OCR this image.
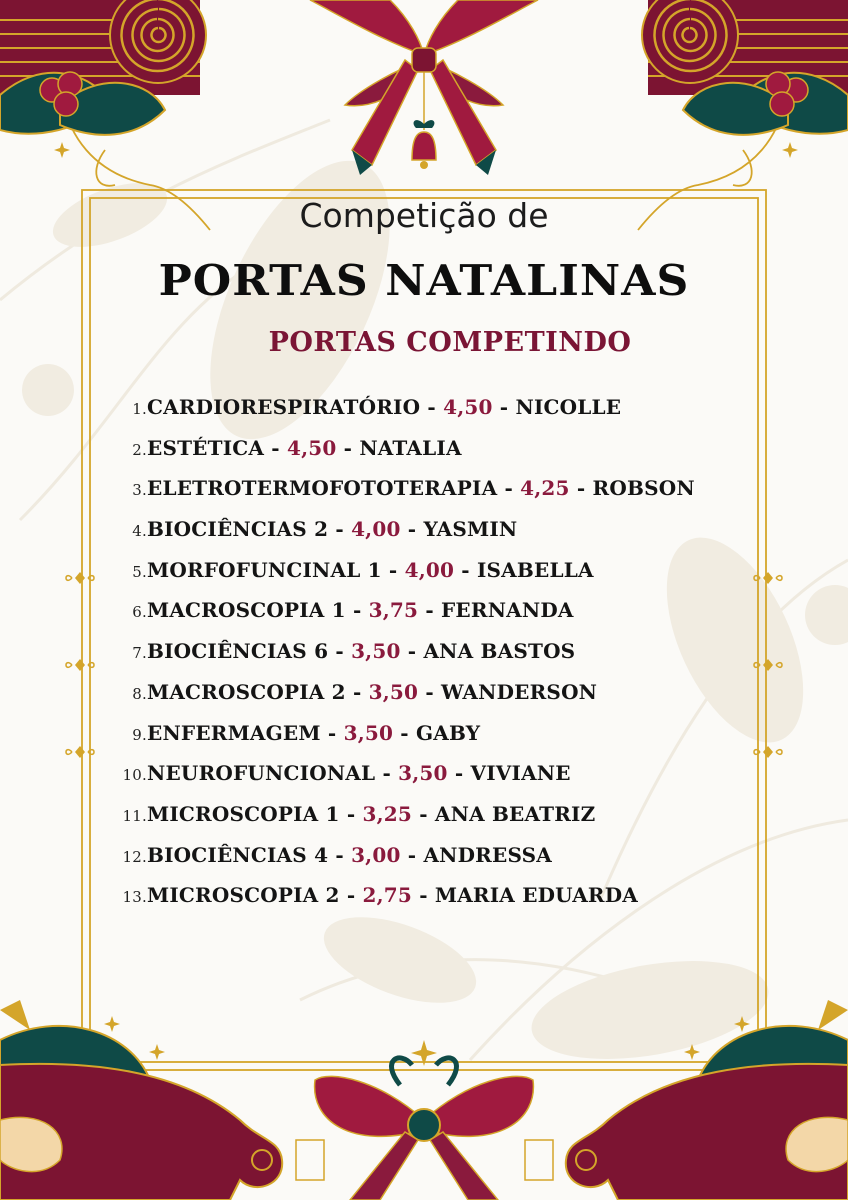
Competição de
PORTAS NATALINAS
PORTAS COMPETINDO
1.CARDIORESPIRATÓRIO - 4,50 - NICOLLE
2.ESTÉTICA - 4,50 - NATALIA
3.ELETROTERMOFOTOTERAPIA - 4,25 - ROBSON
4.BIOCIÊNCIAS 2 - 4,00 - YASMIN
5.MORFOFUNCINAL 1 - 4,00 - ISABELLA
6.MACROSCOPIA 1 - 3,75 - FERNANDA
7.BIOCIÊNCIAS 6 - 3,50 - ANA BASTOS
8.MACROSCOPIA 2 - 3,50 - WANDERSON
9.ENFERMAGEM - 3,50 - GABY
10.NEUROFUNCIONAL - 3,50 - VIVIANE
11.MICROSCOPIA 1 - 3,25 - ANA BEATRIZ
12.BIOCIÊNCIAS 4 - 3,00 - ANDRESSA
13.MICROSCOPIA 2 - 2,75 - MARIA EDUARDA
